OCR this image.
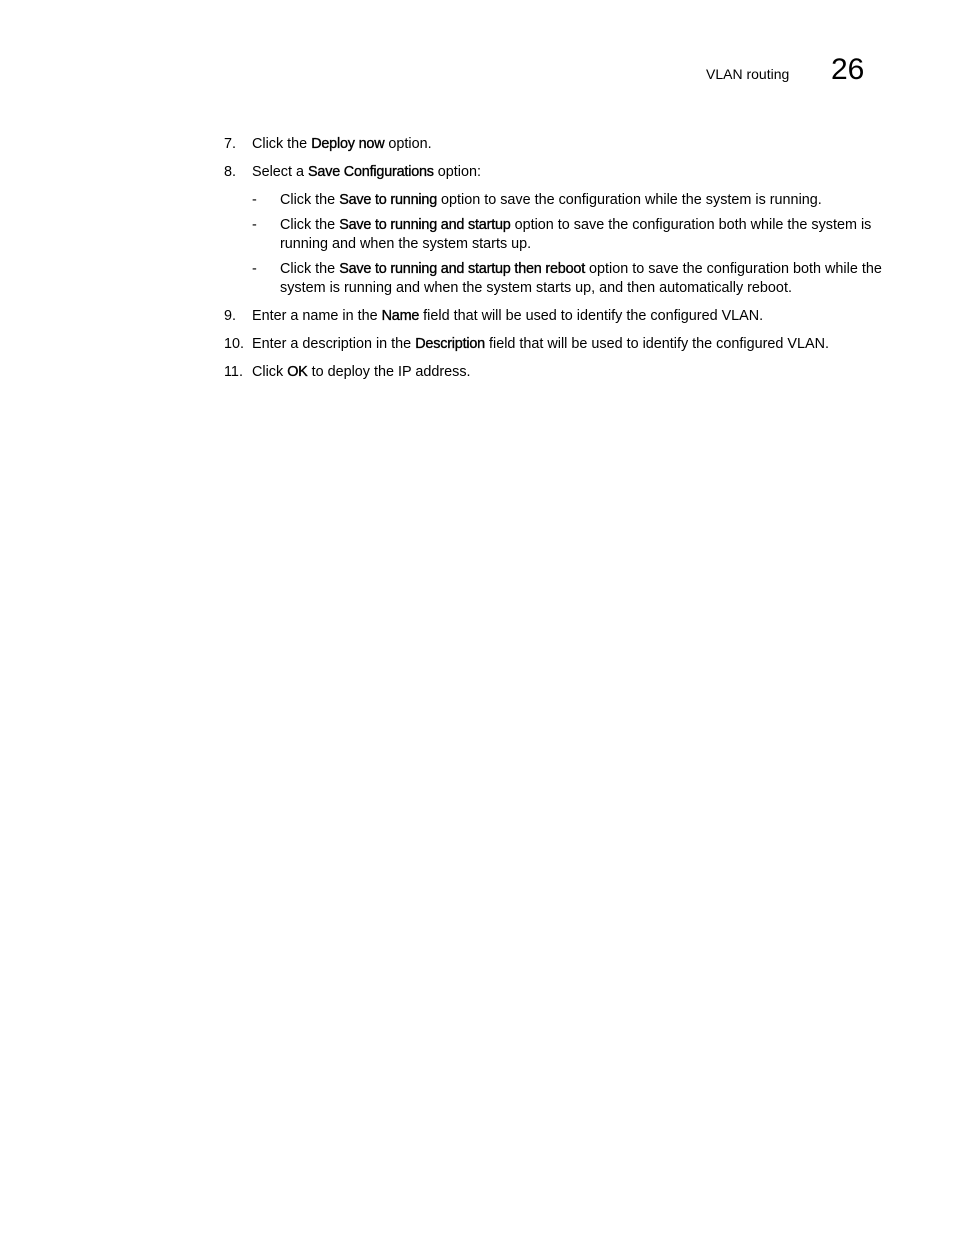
VLAN routing 26
7. Click the Deploy now option.
8. Select a Save Configurations option:
- Click the Save to running option to save the configuration while the system is running.
- Click the Save to running and startup option to save the configuration both while the system is running and when the system starts up.
- Click the Save to running and startup then reboot option to save the configuration both while the system is running and when the system starts up, and then automatically reboot.
9. Enter a name in the Name field that will be used to identify the configured VLAN.
10. Enter a description in the Description field that will be used to identify the configured VLAN.
11. Click OK to deploy the IP address.
